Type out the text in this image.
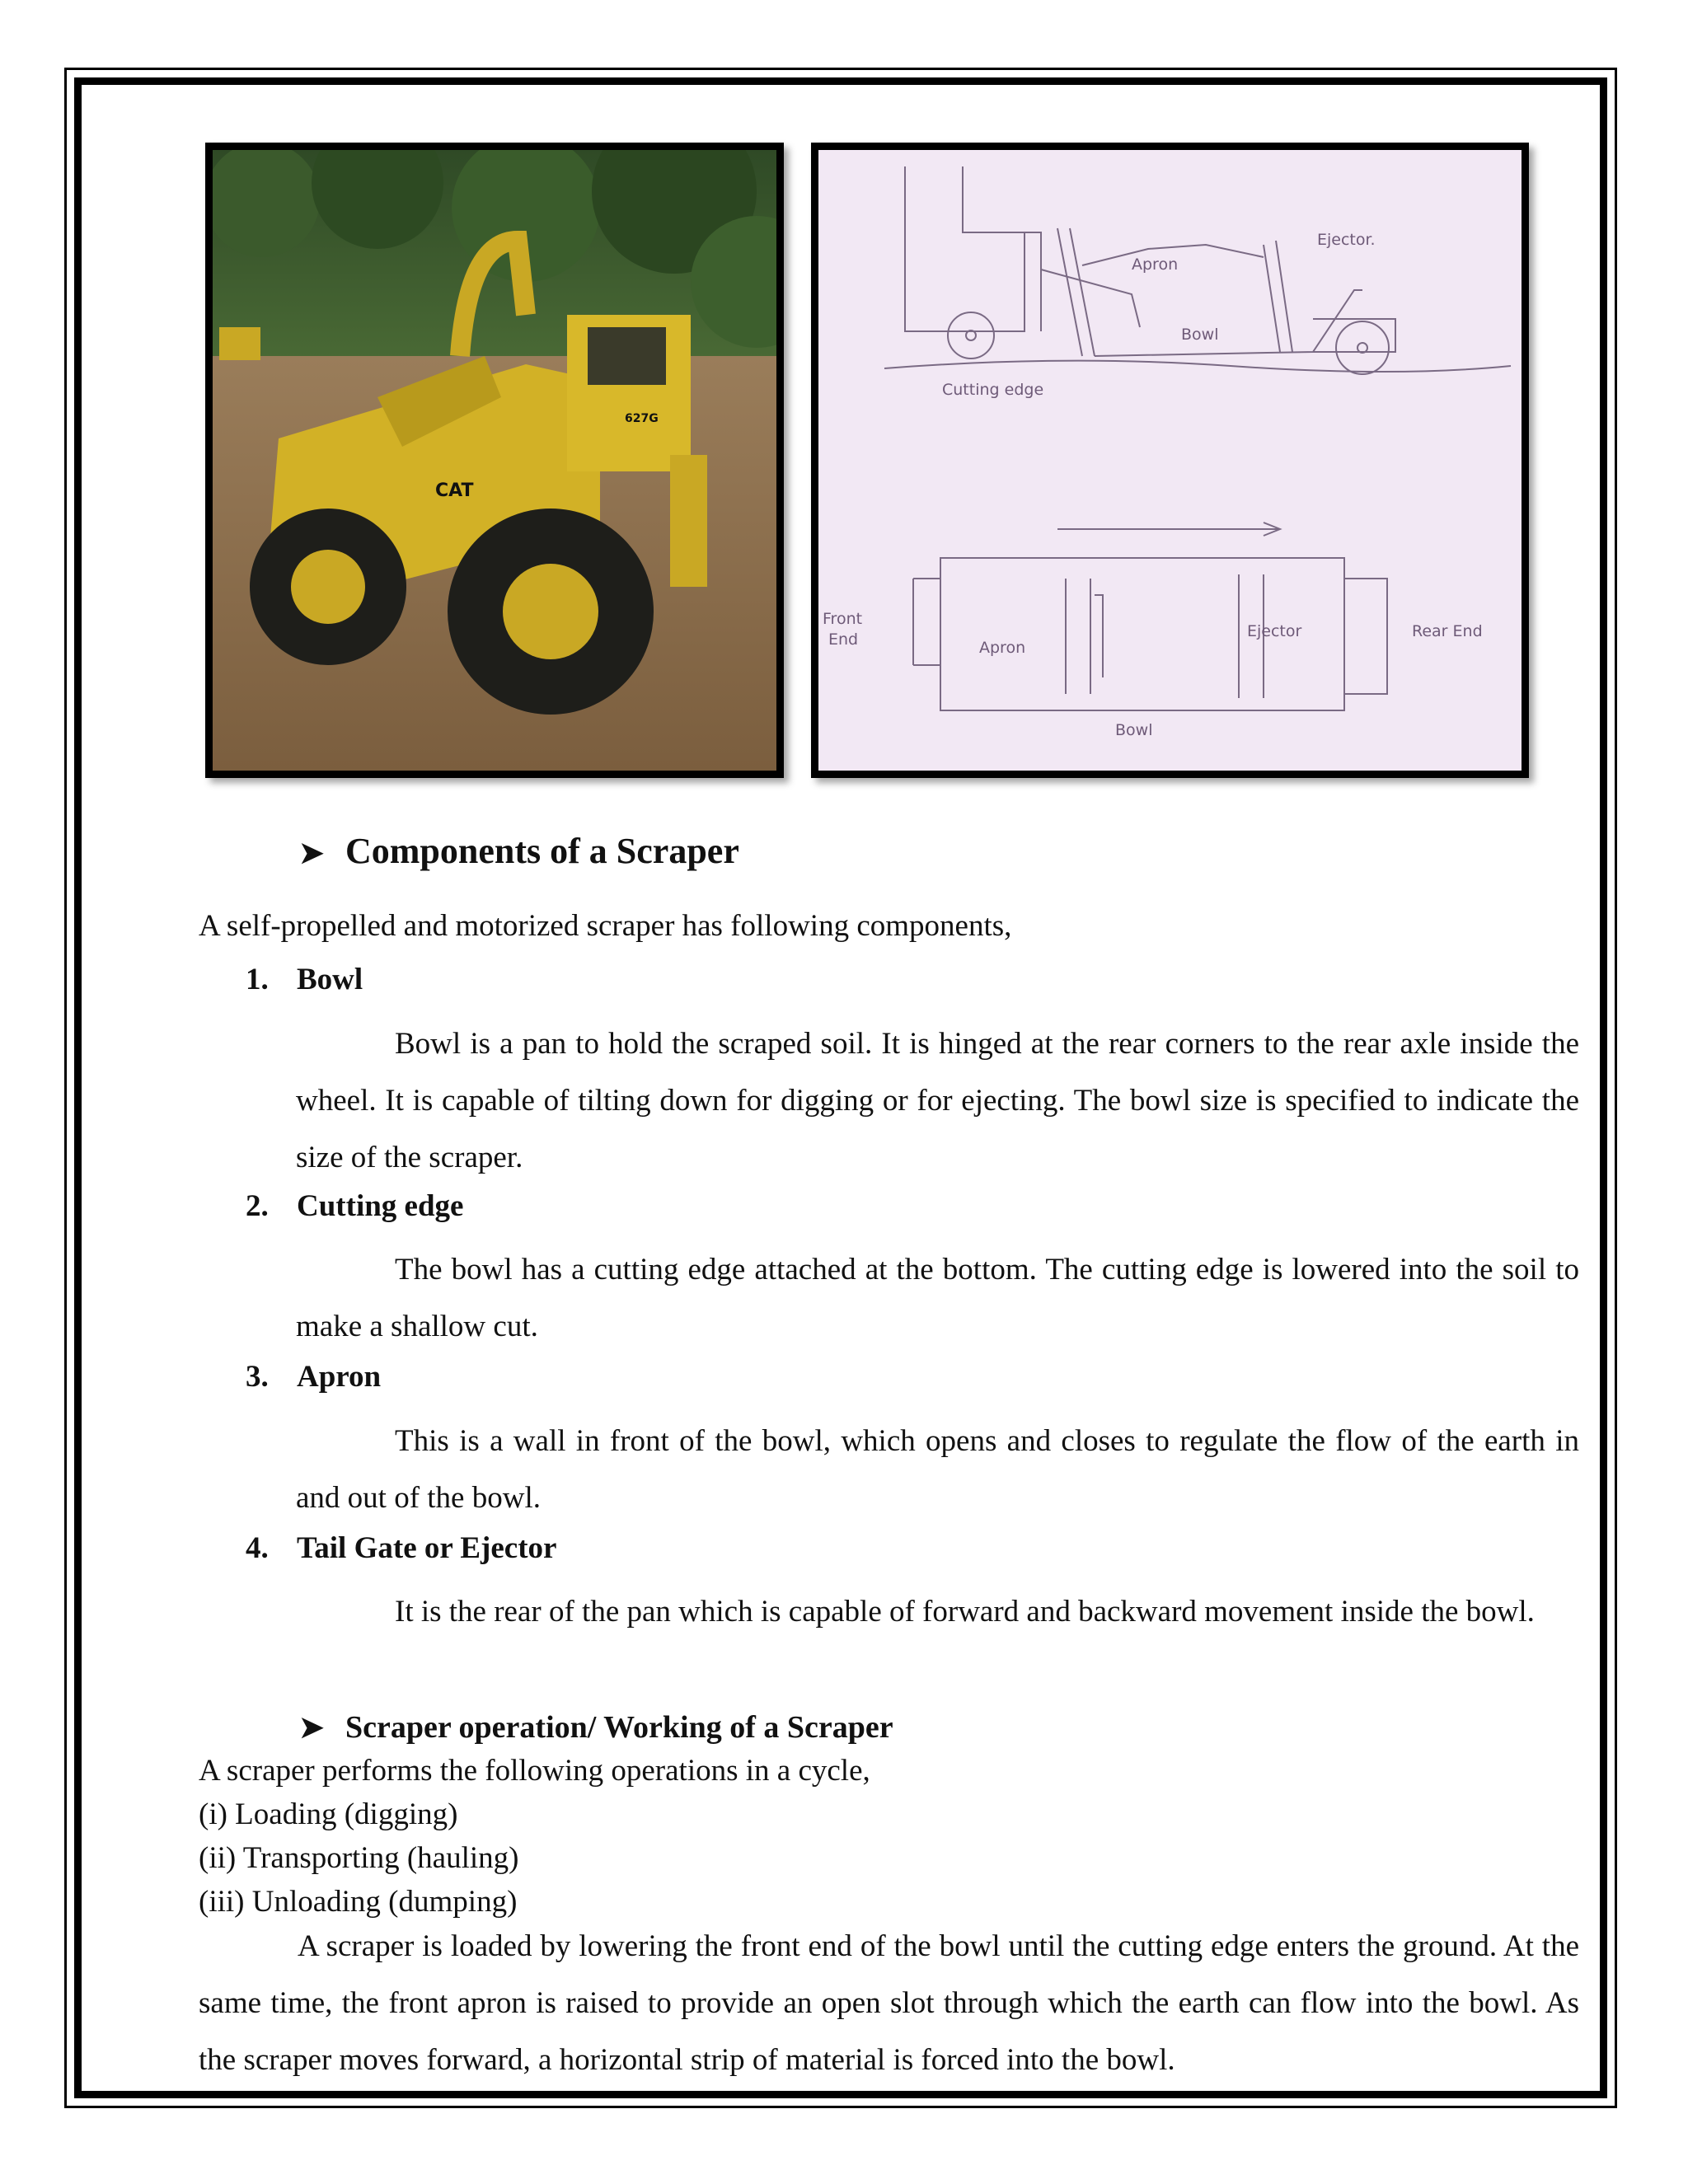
CAT
627G
Ejector.
Apron
Bowl
Cutting edge
Front
End	Apron
Ejector	Rear End
Bowl
➤ Components of a Scraper
A self-propelled and motorized scraper has following components,
1. Bowl
Bowl is a pan to hold the scraped soil. It is hinged at the rear corners to the rear axle inside the wheel. It is capable of tilting down for digging or for ejecting. The bowl size is specified to indicate the size of the scraper.
2. Cutting edge
The bowl has a cutting edge attached at the bottom. The cutting edge is lowered into the soil to make a shallow cut.
3. Apron
This is a wall in front of the bowl, which opens and closes to regulate the flow of the earth in and out of the bowl.
4. Tail Gate or Ejector
It is the rear of the pan which is capable of forward and backward movement inside the bowl.
➤ Scraper operation/ Working of a Scraper
A scraper performs the following operations in a cycle,
(i) Loading (digging)
(ii) Transporting (hauling)
(iii) Unloading (dumping)
A scraper is loaded by lowering the front end of the bowl until the cutting edge enters the ground. At the same time, the front apron is raised to provide an open slot through which the earth can flow into the bowl. As the scraper moves forward, a horizontal strip of material is forced into the bowl.
